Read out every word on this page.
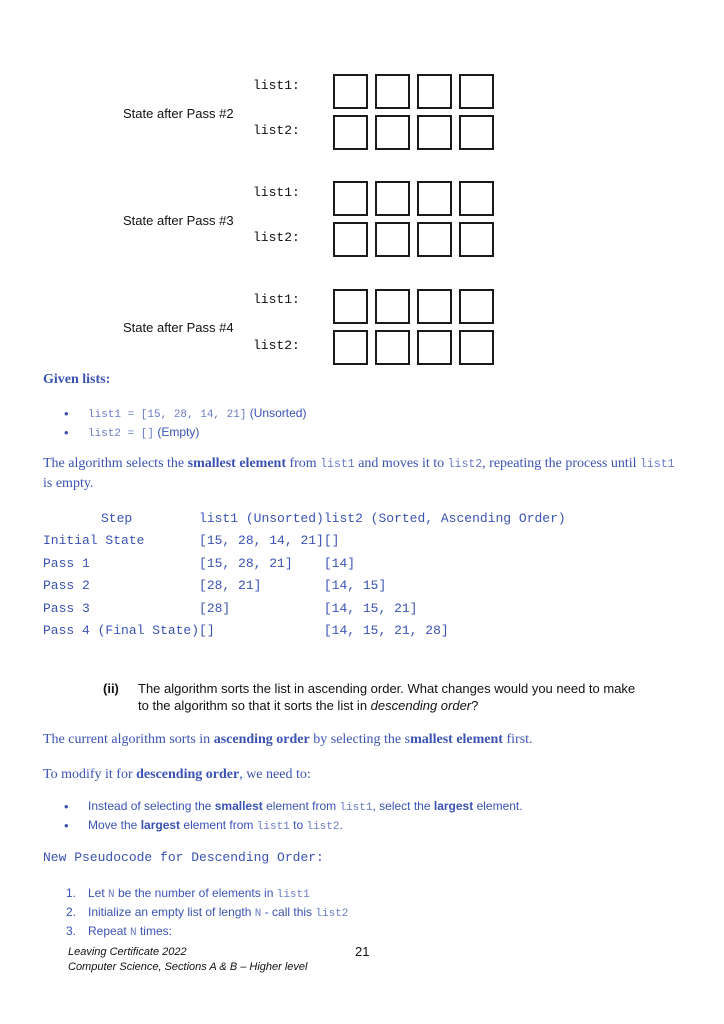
list1:
State after Pass #2
list2:
list1:
State after Pass #3
list2:
list1:
State after Pass #4
list2:
Given lists:
• list1 = [15, 28, 14, 21] (Unsorted)
• list2 = [] (Empty)
The algorithm selects the smallest element from list1 and moves it to list2, repeating the process until list1 is empty.
Step	list1 (Unsorted)	list2 (Sorted, Ascending Order)
Initial State	[15, 28, 14, 21]	[]
Pass 1	[15, 28, 21]	[14]
Pass 2	[28, 21]	[14, 15]
Pass 3	[28]	[14, 15, 21]
Pass 4 (Final State)	[]	[14, 15, 21, 28]
(ii) The algorithm sorts the list in ascending order. What changes would you need to make
to the algorithm so that it sorts the list in descending order?
The current algorithm sorts in ascending order by selecting the smallest element first.
To modify it for descending order, we need to:
• Instead of selecting the smallest element from list1, select the largest element.
• Move the largest element from list1 to list2.
New Pseudocode for Descending Order:
1. Let N be the number of elements in list1
2. Initialize an empty list of length N - call this list2
3. Repeat N times:
Leaving Certificate 2022
Computer Science, Sections A & B – Higher level
21
